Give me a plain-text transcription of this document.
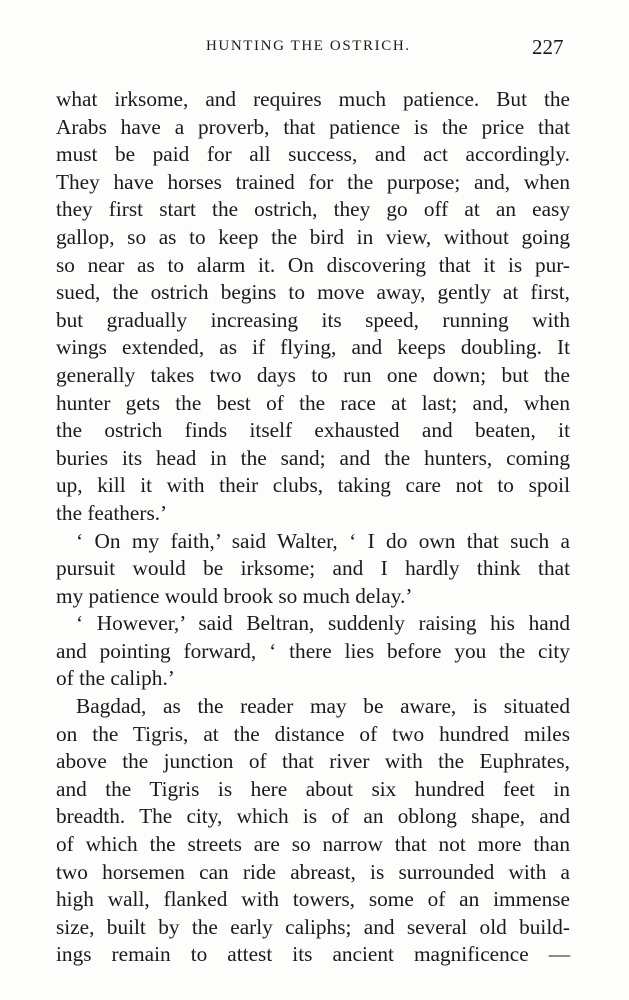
HUNTING THE OSTRICH.	227
what irksome, and requires much patience. But the
Arabs have a proverb, that patience is the price that
must be paid for all success, and act accordingly.
They have horses trained for the purpose; and, when
they first start the ostrich, they go off at an easy
gallop, so as to keep the bird in view, without going
so near as to alarm it. On discovering that it is pur-
sued, the ostrich begins to move away, gently at first,
but gradually increasing its speed, running with
wings extended, as if flying, and keeps doubling. It
generally takes two days to run one down; but the
hunter gets the best of the race at last; and, when
the ostrich finds itself exhausted and beaten, it
buries its head in the sand; and the hunters, coming
up, kill it with their clubs, taking care not to spoil
the feathers.’
‘ On my faith,’ said Walter, ‘ I do own that such a
pursuit would be irksome; and I hardly think that
my patience would brook so much delay.’
‘ However,’ said Beltran, suddenly raising his hand
and pointing forward, ‘ there lies before you the city
of the caliph.’
Bagdad, as the reader may be aware, is situated
on the Tigris, at the distance of two hundred miles
above the junction of that river with the Euphrates,
and the Tigris is here about six hundred feet in
breadth. The city, which is of an oblong shape, and
of which the streets are so narrow that not more than
two horsemen can ride abreast, is surrounded with a
high wall, flanked with towers, some of an immense
size, built by the early caliphs; and several old build-
ings remain to attest its ancient magnificence —
